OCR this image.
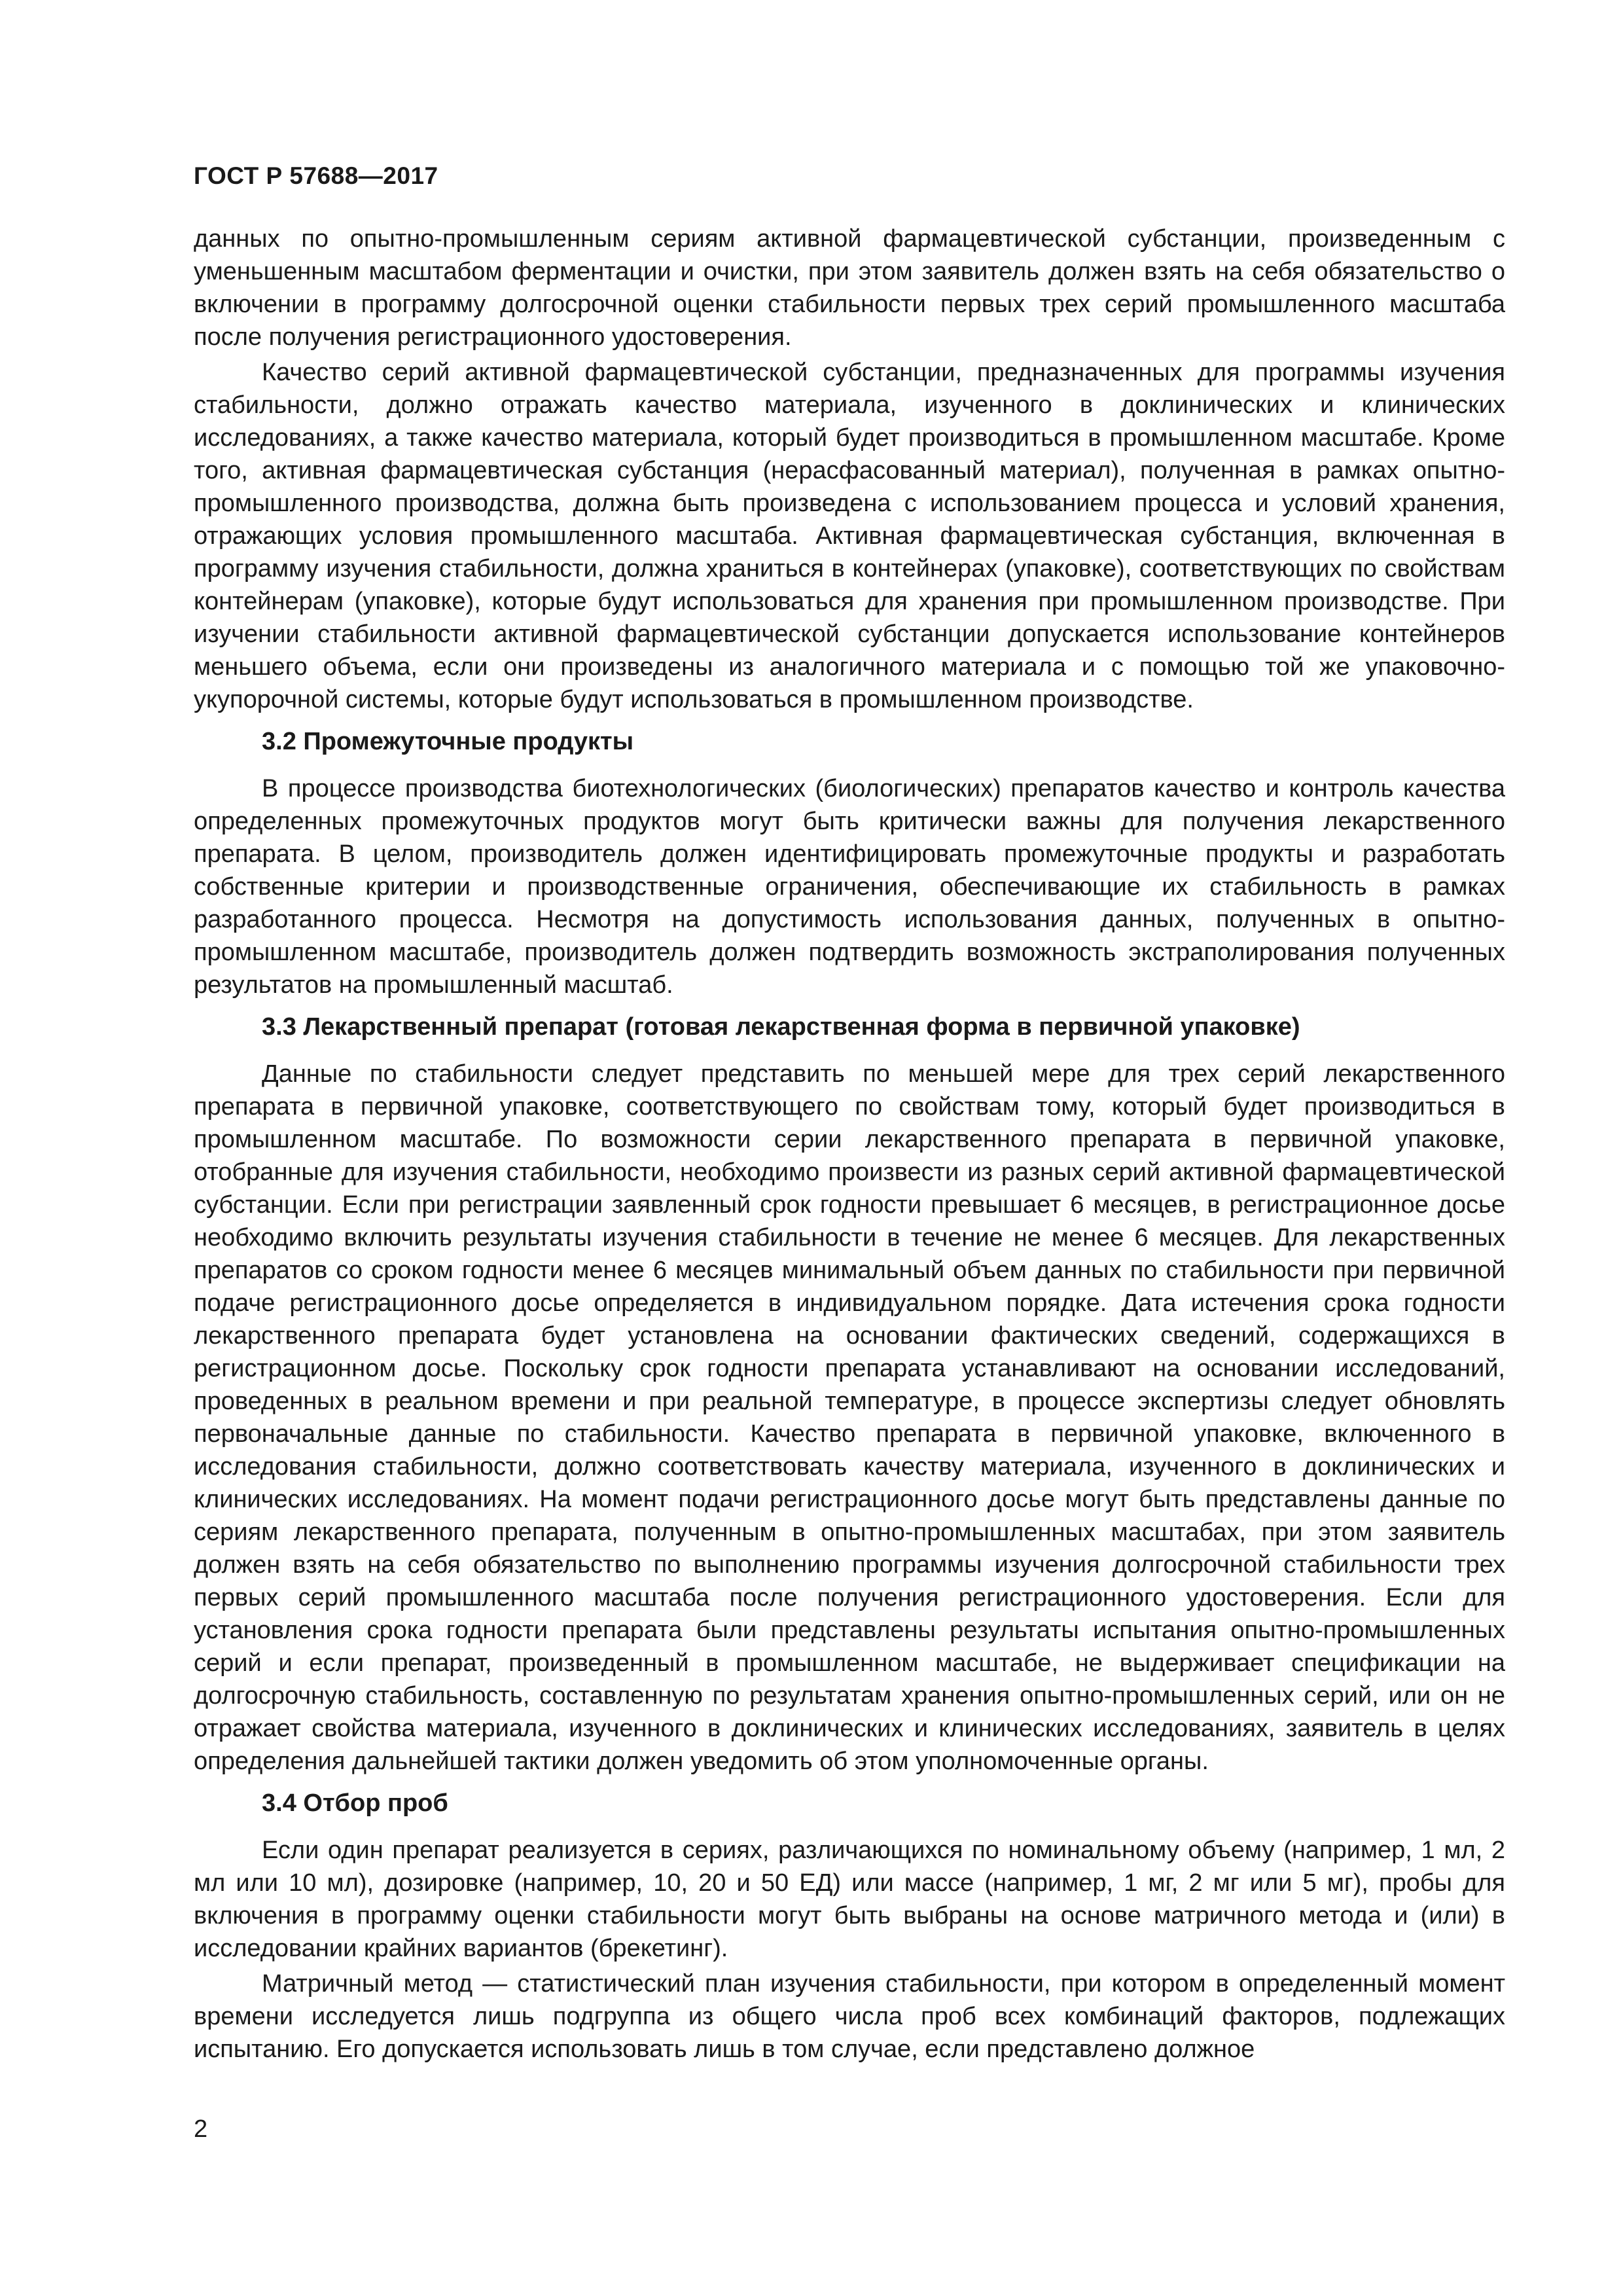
ГОСТ Р 57688—2017

данных по опытно-промышленным сериям активной фармацевтической субстанции, произведенным с уменьшенным масштабом ферментации и очистки, при этом заявитель должен взять на себя обязательство о включении в программу долгосрочной оценки стабильности первых трех серий промышленного масштаба после получения регистрационного удостоверения.

Качество серий активной фармацевтической субстанции, предназначенных для программы изучения стабильности, должно отражать качество материала, изученного в доклинических и клинических исследованиях, а также качество материала, который будет производиться в промышленном масштабе. Кроме того, активная фармацевтическая субстанция (нерасфасованный материал), полученная в рамках опытно-промышленного производства, должна быть произведена с использованием процесса и условий хранения, отражающих условия промышленного масштаба. Активная фармацевтическая субстанция, включенная в программу изучения стабильности, должна храниться в контейнерах (упаковке), соответствующих по свойствам контейнерам (упаковке), которые будут использоваться для хранения при промышленном производстве. При изучении стабильности активной фармацевтической субстанции допускается использование контейнеров меньшего объема, если они произведены из аналогичного материала и с помощью той же упаковочно-укупорочной системы, которые будут использоваться в промышленном производстве.

3.2 Промежуточные продукты

В процессе производства биотехнологических (биологических) препаратов качество и контроль качества определенных промежуточных продуктов могут быть критически важны для получения лекарственного препарата. В целом, производитель должен идентифицировать промежуточные продукты и разработать собственные критерии и производственные ограничения, обеспечивающие их стабильность в рамках разработанного процесса. Несмотря на допустимость использования данных, полученных в опытно-промышленном масштабе, производитель должен подтвердить возможность экстраполирования полученных результатов на промышленный масштаб.

3.3 Лекарственный препарат (готовая лекарственная форма в первичной упаковке)

Данные по стабильности следует представить по меньшей мере для трех серий лекарственного препарата в первичной упаковке, соответствующего по свойствам тому, который будет производиться в промышленном масштабе. По возможности серии лекарственного препарата в первичной упаковке, отобранные для изучения стабильности, необходимо произвести из разных серий активной фармацевтической субстанции. Если при регистрации заявленный срок годности превышает 6 месяцев, в регистрационное досье необходимо включить результаты изучения стабильности в течение не менее 6 месяцев. Для лекарственных препаратов со сроком годности менее 6 месяцев минимальный объем данных по стабильности при первичной подаче регистрационного досье определяется в индивидуальном порядке. Дата истечения срока годности лекарственного препарата будет установлена на основании фактических сведений, содержащихся в регистрационном досье. Поскольку срок годности препарата устанавливают на основании исследований, проведенных в реальном времени и при реальной температуре, в процессе экспертизы следует обновлять первоначальные данные по стабильности. Качество препарата в первичной упаковке, включенного в исследования стабильности, должно соответствовать качеству материала, изученного в доклинических и клинических исследованиях. На момент подачи регистрационного досье могут быть представлены данные по сериям лекарственного препарата, полученным в опытно-промышленных масштабах, при этом заявитель должен взять на себя обязательство по выполнению программы изучения долгосрочной стабильности трех первых серий промышленного масштаба после получения регистрационного удостоверения. Если для установления срока годности препарата были представлены результаты испытания опытно-промышленных серий и если препарат, произведенный в промышленном масштабе, не выдерживает спецификации на долгосрочную стабильность, составленную по результатам хранения опытно-промышленных серий, или он не отражает свойства материала, изученного в доклинических и клинических исследованиях, заявитель в целях определения дальнейшей тактики должен уведомить об этом уполномоченные органы.

3.4 Отбор проб

Если один препарат реализуется в сериях, различающихся по номинальному объему (например, 1 мл, 2 мл или 10 мл), дозировке (например, 10, 20 и 50 ЕД) или массе (например, 1 мг, 2 мг или 5 мг), пробы для включения в программу оценки стабильности могут быть выбраны на основе матричного метода и (или) в исследовании крайних вариантов (брекетинг).

Матричный метод — статистический план изучения стабильности, при котором в определенный момент времени исследуется лишь подгруппа из общего числа проб всех комбинаций факторов, подлежащих испытанию. Его допускается использовать лишь в том случае, если представлено должное

2
